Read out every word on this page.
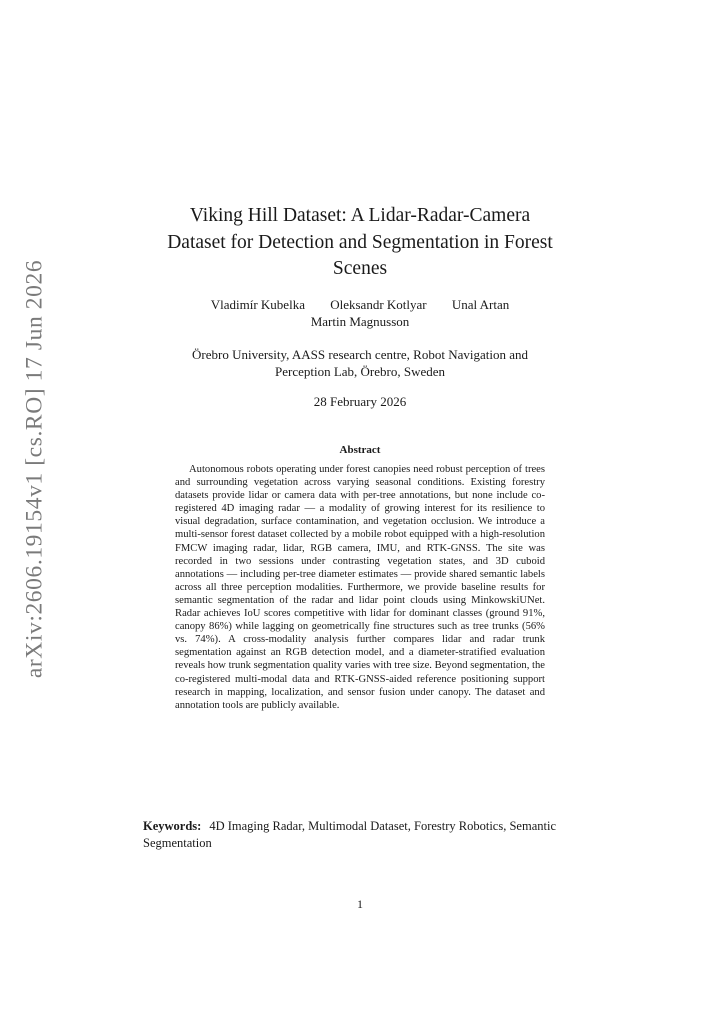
arXiv:2606.19154v1 [cs.RO] 17 Jun 2026
Viking Hill Dataset: A Lidar-Radar-Camera
Dataset for Detection and Segmentation in Forest
Scenes
Vladimír Kubelka Oleksandr Kotlyar Unal Artan
Martin Magnusson
Örebro University, AASS research centre, Robot Navigation and
Perception Lab, Örebro, Sweden
28 February 2026
Abstract

Autonomous robots operating under forest canopies need robust perception of trees and surrounding vegetation across varying seasonal conditions. Existing forestry datasets provide lidar or camera data with per-tree annotations, but none include co-registered 4D imaging radar — a modality of growing interest for its resilience to visual degradation, surface contamination, and vegetation occlusion. We introduce a multi-sensor forest dataset collected by a mobile robot equipped with a high-resolution FMCW imaging radar, lidar, RGB camera, IMU, and RTK-GNSS. The site was recorded in two sessions under contrasting vegetation states, and 3D cuboid annotations — including per-tree diameter estimates — provide shared semantic labels across all three perception modalities. Furthermore, we provide baseline results for semantic segmentation of the radar and lidar point clouds using MinkowskiUNet. Radar achieves IoU scores competitive with lidar for dominant classes (ground 91%, canopy 86%) while lagging on geometrically fine structures such as tree trunks (56% vs. 74%). A cross-modality analysis further compares lidar and radar trunk segmentation against an RGB detection model, and a diameter-stratified evaluation reveals how trunk segmentation quality varies with tree size. Beyond segmentation, the co-registered multi-modal data and RTK-GNSS-aided reference positioning support research in mapping, localization, and sensor fusion under canopy. The dataset and annotation tools are publicly available.

Keywords: 4D Imaging Radar, Multimodal Dataset, Forestry Robotics, Semantic Segmentation
1
